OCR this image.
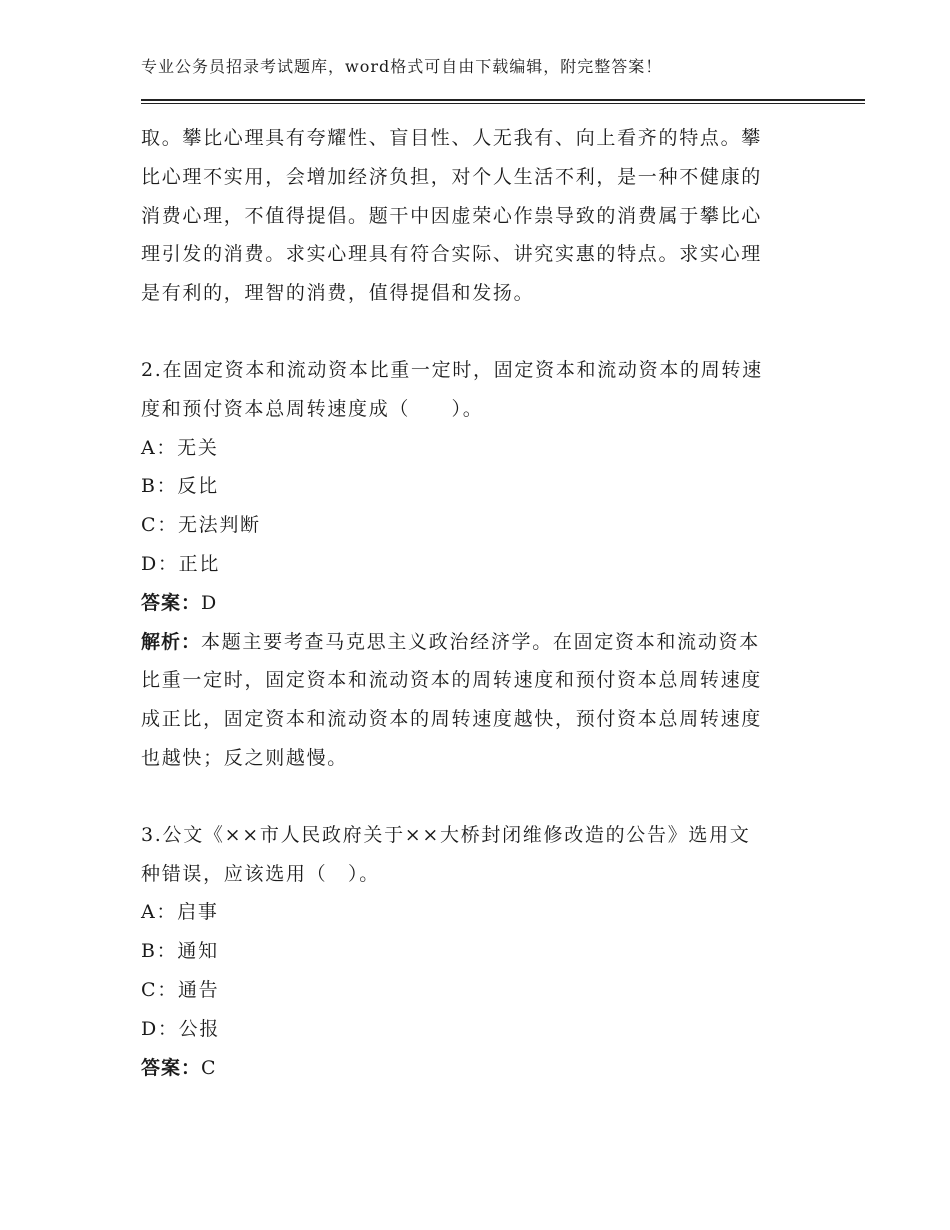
专业公务员招录考试题库，word格式可自由下载编辑，附完整答案！
取。攀比心理具有夸耀性、盲目性、人无我有、向上看齐的特点。攀
比心理不实用，会增加经济负担，对个人生活不利，是一种不健康的
消费心理，不值得提倡。题干中因虚荣心作祟导致的消费属于攀比心
理引发的消费。求实心理具有符合实际、讲究实惠的特点。求实心理
是有利的，理智的消费，值得提倡和发扬。
2.在固定资本和流动资本比重一定时，固定资本和流动资本的周转速
度和预付资本总周转速度成（　　）。
A：无关
B：反比
C：无法判断
D：正比
答案：D
解析：本题主要考查马克思主义政治经济学。在固定资本和流动资本
比重一定时，固定资本和流动资本的周转速度和预付资本总周转速度
成正比，固定资本和流动资本的周转速度越快，预付资本总周转速度
也越快；反之则越慢。
3.公文《××市人民政府关于××大桥封闭维修改造的公告》选用文
种错误，应该选用（　）。
A：启事
B：通知
C：通告
D：公报
答案：C
